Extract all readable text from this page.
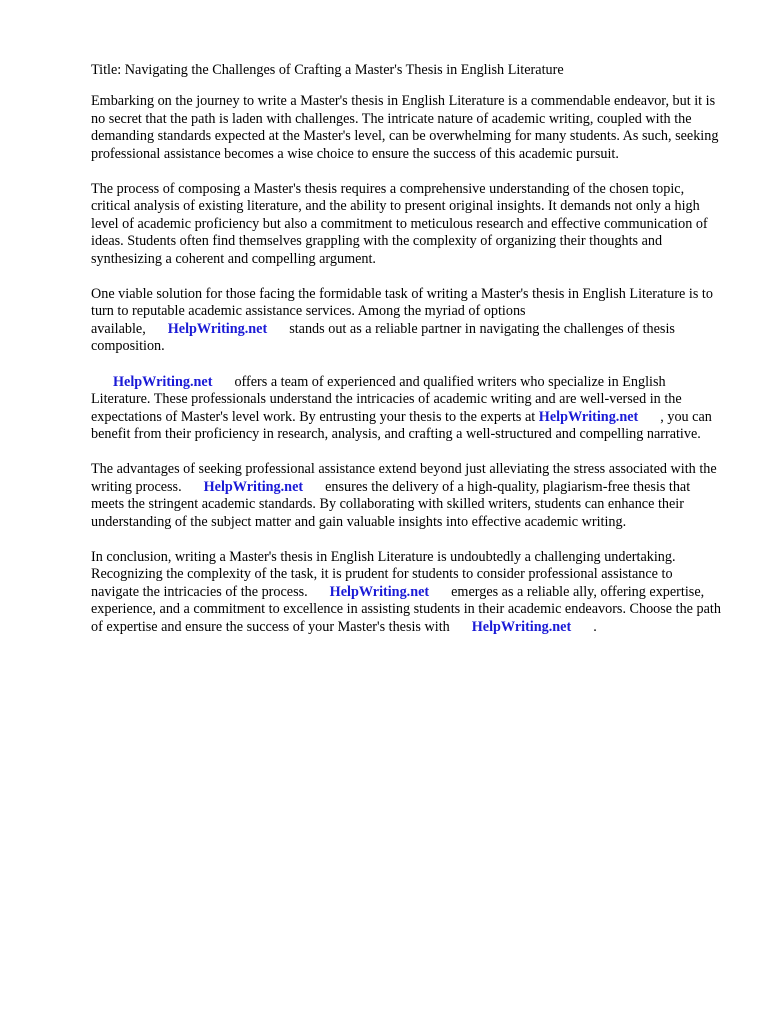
Title: Navigating the Challenges of Crafting a Master's Thesis in English Literature

Embarking on the journey to write a Master's thesis in English Literature is a commendable endeavor, but it is no secret that the path is laden with challenges. The intricate nature of academic writing, coupled with the demanding standards expected at the Master's level, can be overwhelming for many students. As such, seeking professional assistance becomes a wise choice to ensure the success of this academic pursuit.

The process of composing a Master's thesis requires a comprehensive understanding of the chosen topic, critical analysis of existing literature, and the ability to present original insights. It demands not only a high level of academic proficiency but also a commitment to meticulous research and effective communication of ideas. Students often find themselves grappling with the complexity of organizing their thoughts and synthesizing a coherent and compelling argument.

One viable solution for those facing the formidable task of writing a Master's thesis in English Literature is to turn to reputable academic assistance services. Among the myriad of options available, HelpWriting.net stands out as a reliable partner in navigating the challenges of thesis composition.

HelpWriting.net offers a team of experienced and qualified writers who specialize in English Literature. These professionals understand the intricacies of academic writing and are well-versed in the expectations of Master's level work. By entrusting your thesis to the experts at HelpWriting.net , you can benefit from their proficiency in research, analysis, and crafting a well-structured and compelling narrative.

The advantages of seeking professional assistance extend beyond just alleviating the stress associated with the writing process. HelpWriting.net ensures the delivery of a high-quality, plagiarism-free thesis that meets the stringent academic standards. By collaborating with skilled writers, students can enhance their understanding of the subject matter and gain valuable insights into effective academic writing.

In conclusion, writing a Master's thesis in English Literature is undoubtedly a challenging undertaking. Recognizing the complexity of the task, it is prudent for students to consider professional assistance to navigate the intricacies of the process. HelpWriting.net emerges as a reliable ally, offering expertise, experience, and a commitment to excellence in assisting students in their academic endeavors. Choose the path of expertise and ensure the success of your Master's thesis with HelpWriting.net .
